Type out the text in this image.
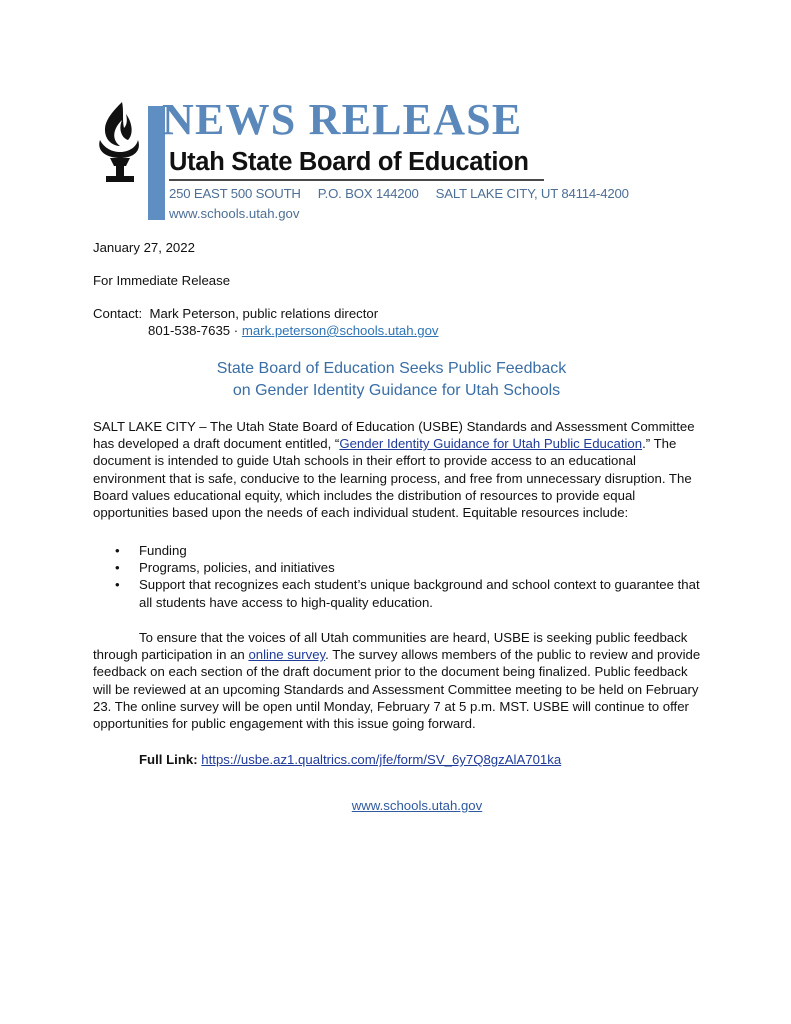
NEWS RELEASE
Utah State Board of Education
250 EAST 500 SOUTH P.O. BOX 144200 SALT LAKE CITY, UT 84114-4200
www.schools.utah.gov
January 27, 2022
For Immediate Release
Contact: Mark Peterson, public relations director
801-538-7635 · mark.peterson@schools.utah.gov
State Board of Education Seeks Public Feedback
on Gender Identity Guidance for Utah Schools
SALT LAKE CITY – The Utah State Board of Education (USBE) Standards and Assessment Committee has developed a draft document entitled, “Gender Identity Guidance for Utah Public Education.” The document is intended to guide Utah schools in their effort to provide access to an educational environment that is safe, conducive to the learning process, and free from unnecessary disruption. The Board values educational equity, which includes the distribution of resources to provide equal opportunities based upon the needs of each individual student. Equitable resources include:
• Funding
• Programs, policies, and initiatives
• Support that recognizes each student’s unique background and school context to guarantee that all students have access to high-quality education.
To ensure that the voices of all Utah communities are heard, USBE is seeking public feedback through participation in an online survey. The survey allows members of the public to review and provide feedback on each section of the draft document prior to the document being finalized. Public feedback will be reviewed at an upcoming Standards and Assessment Committee meeting to be held on February 23. The online survey will be open until Monday, February 7 at 5 p.m. MST. USBE will continue to offer opportunities for public engagement with this issue going forward.
Full Link: https://usbe.az1.qualtrics.com/jfe/form/SV_6y7Q8gzAlA701ka
www.schools.utah.gov
